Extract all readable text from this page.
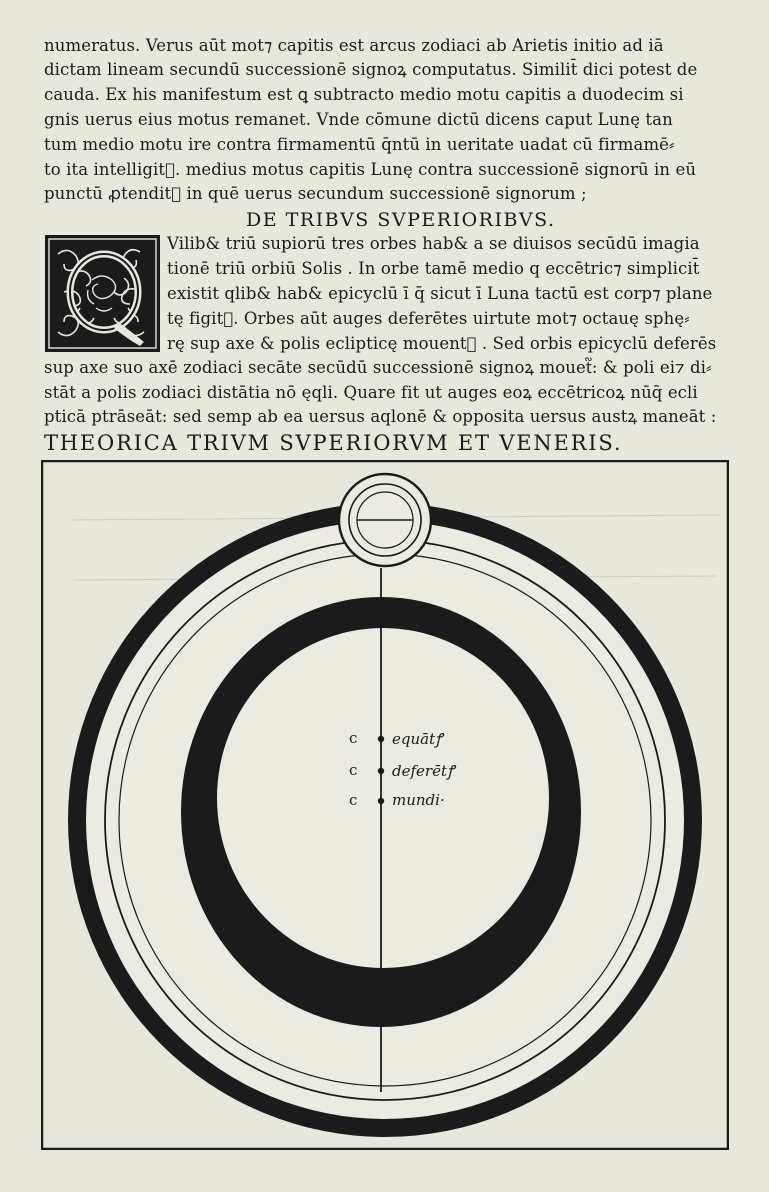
numeratus. Verus aūt mot⁊ capitis est arcus zodiaci ab Arietis initio ad iā
dictam lineam secundū successionē signoꝝ computatus. Similit̄ dici potest de
cauda. Ex his manifestum est ꝗ subtracto medio motu capitis a duodecim si
gnis uerus eius motus remanet. Vnde cōmune dictū dicens caput Lunę tan
tum medio motu ire contra firmamentū q̄ntū in ueritate uadat cū firmamē⸗
to ita intelligit᷑. medius motus capitis Lunę contra successionē signorū in eū
punctū ꝓtendit᷑ in quē uerus secundum successionē signorum ;
DE TRIBVS SVPERIORIBVS.
Vilib& triū supiorū tres orbes hab& a se diuisos secūdū imagia
tionē triū orbiū Solis . In orbe tamē medio q eccētric⁊ simplicit̄
existit qlib& hab& epicyclū ī q̄ sicut ī Luna tactū est corp⁊ plane
tę figit᷑. Orbes aūt auges deferētes uirtute mot⁊ octauę sphę⸗
rę sup axe & polis eclipticę mouent᷑ . Sed orbis epicyclū deferēs
sup axe suo axē zodiaci secāte secūdū successionē signoꝝ mouet᷑: & poli ei⁊ di⸗
stāt a polis zodiaci distātia nō ęqli. Quare fit ut auges eoꝝ eccētricoꝝ nūq̄ ecli
pticā ptrāseāt: sed semp ab ea uersus aqlonē & opposita uersus austꝝ maneāt :
THEORICA TRIVM SVPERIORVM ET VENERIS.
c equātꝭ
c deferētꝭ
c mundi·
